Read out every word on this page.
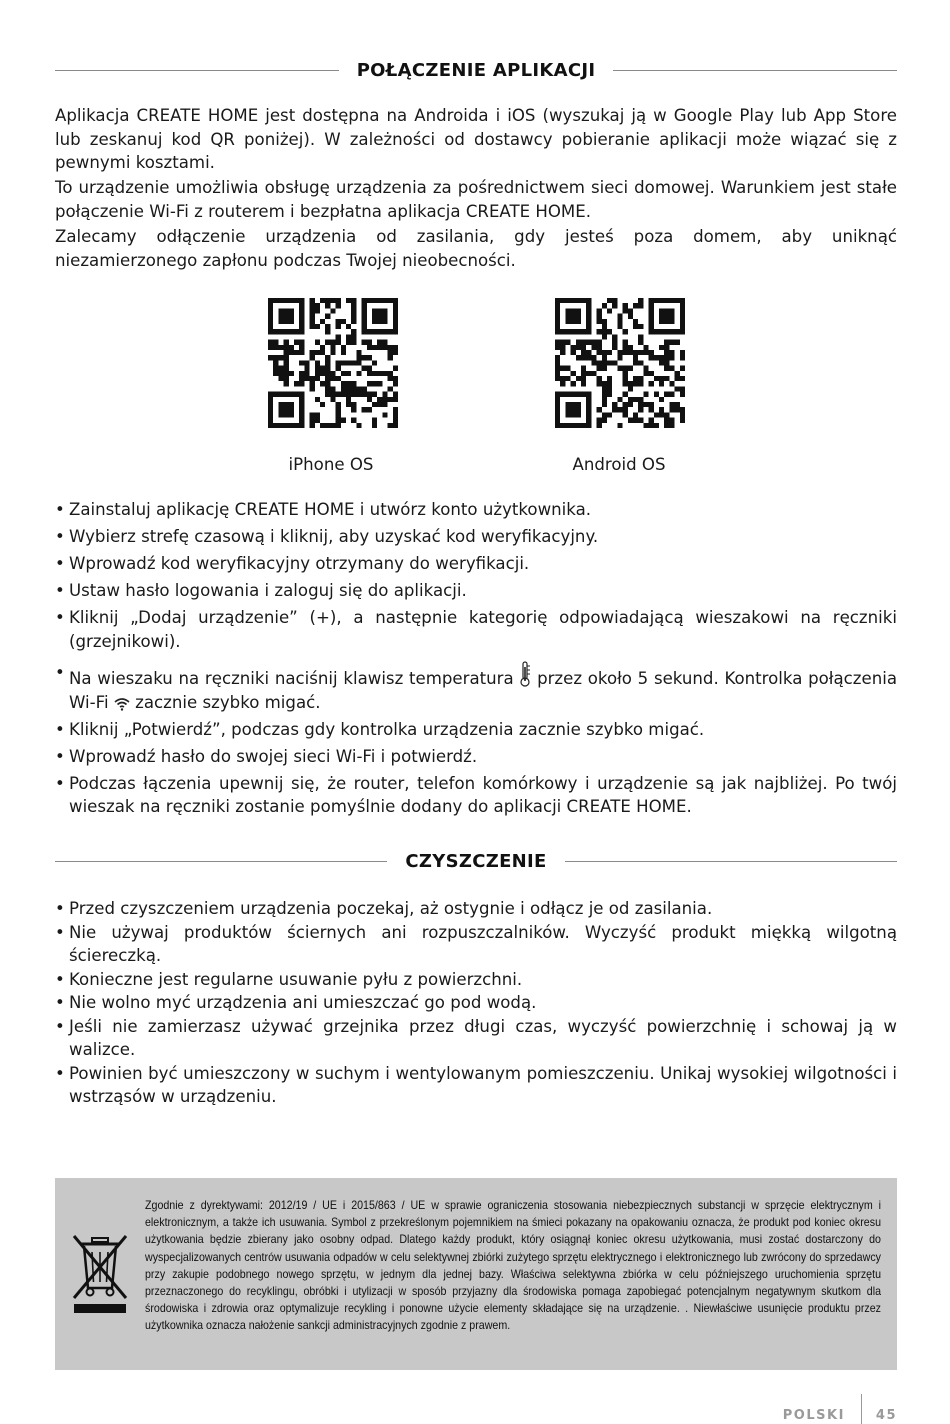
POŁĄCZENIE APLIKACJI

Aplikacja CREATE HOME jest dostępna na Androida i iOS (wyszukaj ją w Google Play lub App Store lub zeskanuj kod QR poniżej). W zależności od dostawcy pobieranie aplikacji może wiązać się z pewnymi kosztami.

To urządzenie umożliwia obsługę urządzenia za pośrednictwem sieci domowej. Warunkiem jest stałe połączenie Wi-Fi z routerem i bezpłatna aplikacja CREATE HOME.

Zalecamy odłączenie urządzenia od zasilania, gdy jesteś poza domem, aby uniknąć niezamierzonego zapłonu podczas Twojej nieobecności.

iPhone OS	Android OS
• Zainstaluj aplikację CREATE HOME i utwórz konto użytkownika.
• Wybierz strefę czasową i kliknij, aby uzyskać kod weryfikacyjny.
• Wprowadź kod weryfikacyjny otrzymany do weryfikacji.
• Ustaw hasło logowania i zaloguj się do aplikacji.
• Kliknij „Dodaj urządzenie” (+), a następnie kategorię odpowiadającą wieszakowi na ręczniki (grzejnikowi).
• Na wieszaku na ręczniki naciśnij klawisz temperatura przez około 5 sekund. Kontrolka połączenia Wi-Fi zacznie szybko migać.
• Kliknij „Potwierdź”, podczas gdy kontrolka urządzenia zacznie szybko migać.
• Wprowadź hasło do swojej sieci Wi-Fi i potwierdź.
• Podczas łączenia upewnij się, że router, telefon komórkowy i urządzenie są jak najbliżej. Po twój wieszak na ręczniki zostanie pomyślnie dodany do aplikacji CREATE HOME.
CZYSZCZENIE
• Przed czyszczeniem urządzenia poczekaj, aż ostygnie i odłącz je od zasilania.
• Nie używaj produktów ściernych ani rozpuszczalników. Wyczyść produkt miękką wilgotną ściereczką.
• Konieczne jest regularne usuwanie pyłu z powierzchni.
• Nie wolno myć urządzenia ani umieszczać go pod wodą.
• Jeśli nie zamierzasz używać grzejnika przez długi czas, wyczyść powierzchnię i schowaj ją w walizce.
• Powinien być umieszczony w suchym i wentylowanym pomieszczeniu. Unikaj wysokiej wilgotności i wstrząsów w urządzeniu.

Zgodnie z dyrektywami: 2012/19 / UE i 2015/863 / UE w sprawie ograniczenia stosowania niebezpiecznych substancji w sprzęcie elektrycznym i elektronicznym, a także ich usuwania. Symbol z przekreślonym pojemnikiem na śmieci pokazany na opakowaniu oznacza, że produkt pod koniec okresu użytkowania będzie zbierany jako osobny odpad. Dlatego każdy produkt, który osiągnął koniec okresu użytkowania, musi zostać dostarczony do wyspecjalizowanych centrów usuwania odpadów w celu selektywnej zbiórki zużytego sprzętu elektrycznego i elektronicznego lub zwrócony do sprzedawcy przy zakupie podobnego nowego sprzętu, w jednym dla jednej bazy. Właściwa selektywna zbiórka w celu późniejszego uruchomienia sprzętu przeznaczonego do recyklingu, obróbki i utylizacji w sposób przyjazny dla środowiska pomaga zapobiegać potencjalnym negatywnym skutkom dla środowiska i zdrowia oraz optymalizuje recykling i ponowne użycie elementy składające się na urządzenie. . Niewłaściwe usunięcie produktu przez użytkownika oznacza nałożenie sankcji administracyjnych zgodnie z prawem.

POLSKI 45
